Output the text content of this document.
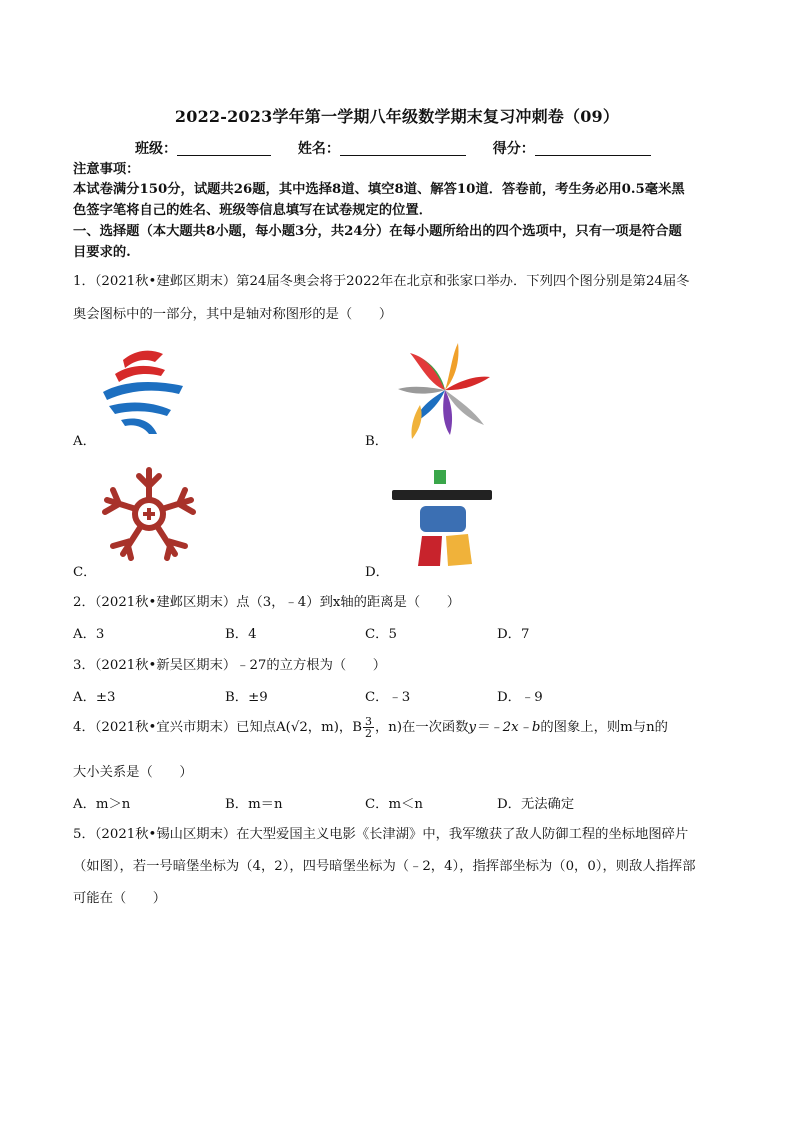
2022-2023学年第一学期八年级数学期末复习冲刺卷（09）
班级：	姓名：	得分：
注意事项：
本试卷满分150分，试题共26题，其中选择8道、填空8道、解答10道．答卷前，考生务必用0.5毫米黑
色签字笔将自己的姓名、班级等信息填写在试卷规定的位置．
一、选择题（本大题共8小题，每小题3分，共24分）在每小题所给出的四个选项中，只有一项是符合题
目要求的.
1．（2021秋•建邺区期末）第24届冬奥会将于2022年在北京和张家口举办．下列四个图分别是第24届冬
奥会图标中的一部分，其中是轴对称图形的是（　　）
A．	B．
C．	D．
2．（2021秋•建邺区期末）点（3，﹣4）到x轴的距离是（　　）
A．3	B．4	C．5	D．7
3．（2021秋•新吴区期末）﹣27的立方根为（　　）
A．±3	B．±9	C．﹣3	D．﹣9
4．（2021秋•宜兴市期末）已知点A(√2，m)，B $\frac{3}{2}$ ，n)在一次函数y＝﹣2x﹣b的图象上，则m与n的
大小关系是（　　）
A．m＞n	B．m＝n	C．m＜n	D．无法确定
5．（2021秋•锡山区期末）在大型爱国主义电影《长津湖》中，我军缴获了敌人防御工程的坐标地图碎片
（如图），若一号暗堡坐标为（4，2），四号暗堡坐标为（﹣2，4），指挥部坐标为（0，0），则敌人指挥部
可能在（　　）
